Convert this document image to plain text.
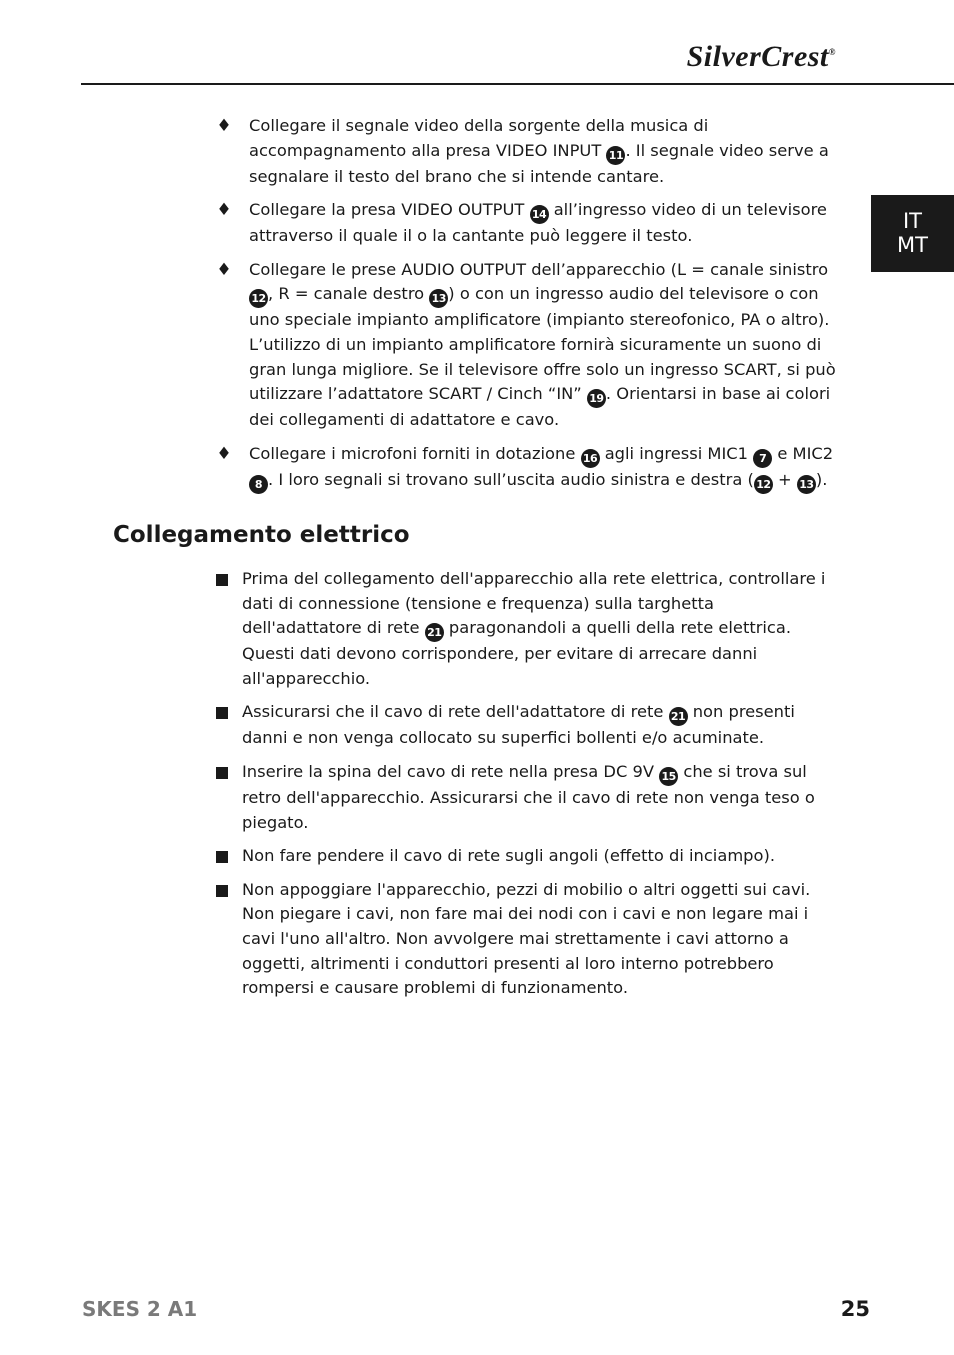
SilverCrest®
IT
MT
♦ Collegare il segnale video della sorgente della musica di accompagnamento alla presa VIDEO INPUT 11 . Il segnale video serve a segnalare il testo del brano che si intende cantare.
♦ Collegare la presa VIDEO OUTPUT 14 all’ingresso video di un televisore attraverso il quale il o la cantante può leggere il testo.
♦ Collegare le prese AUDIO OUTPUT dell’apparecchio (L = canale sinistro 12 , R = canale destro 13 ) o con un ingresso audio del televisore o con uno speciale impianto amplificatore (impianto stereofonico, PA o altro). L’utilizzo di un impianto amplificatore fornirà sicuramente un suono di gran lunga migliore. Se il televisore offre solo un ingresso SCART, si può utilizzare l’adattatore SCART / Cinch “IN” 19 . Orientarsi in base ai colori dei collegamenti di adattatore e cavo.
♦ Collegare i microfoni forniti in dotazione 16 agli ingressi MIC1 7 e MIC2 8 . I loro segnali si trovano sull’uscita audio sinistra e destra ( 12 + 13 ).
Collegamento elettrico
Prima del collegamento dell'apparecchio alla rete elettrica, controllare i dati di connessione (tensione e frequenza) sulla targhetta dell'adattatore di rete 21 paragonandoli a quelli della rete elettrica. Questi dati devono corrispondere, per evitare di arrecare danni all'apparecchio.
Assicurarsi che il cavo di rete dell'adattatore di rete 21 non presenti danni e non venga collocato su superfici bollenti e/o acuminate.
Inserire la spina del cavo di rete nella presa DC 9V 15 che si trova sul retro dell'apparecchio. Assicurarsi che il cavo di rete non venga teso o piegato.
Non fare pendere il cavo di rete sugli angoli (effetto di inciampo).
Non appoggiare l'apparecchio, pezzi di mobilio o altri oggetti sui cavi. Non piegare i cavi, non fare mai dei nodi con i cavi e non legare mai i cavi l'uno all'altro. Non avvolgere mai strettamente i cavi attorno a oggetti, altrimenti i conduttori presenti al loro interno potrebbero rompersi e causare problemi di funzionamento.
SKES 2 A1	25
